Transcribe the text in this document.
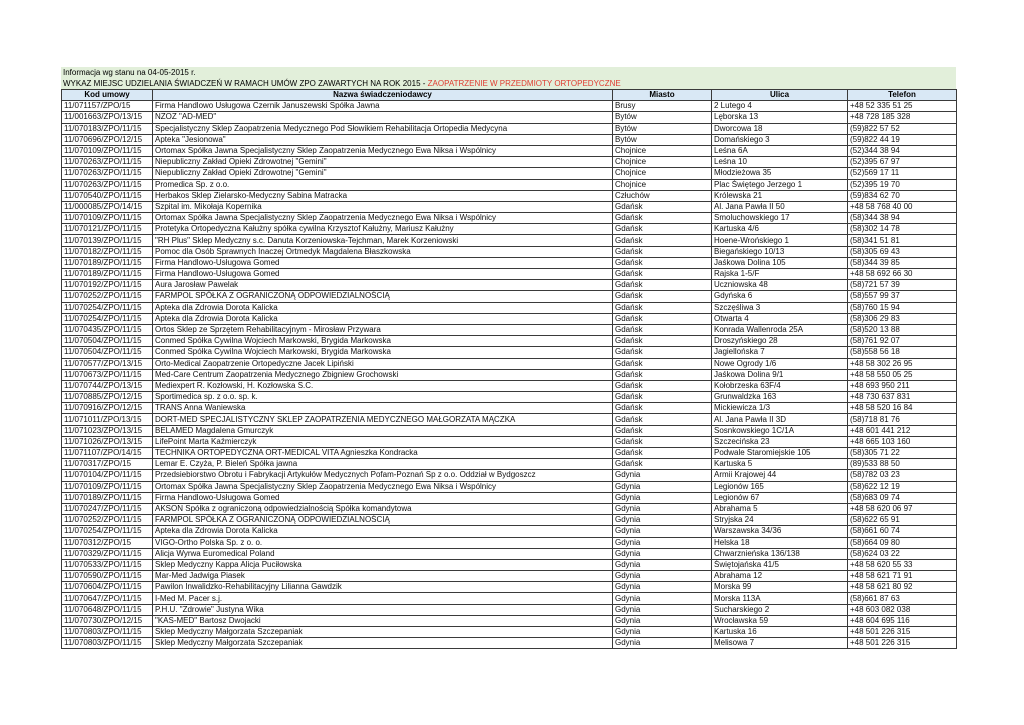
Informacja wg stanu na 04-05-2015 r.
WYKAZ MIEJSC UDZIELANIA ŚWIADCZEŃ W RAMACH UMÓW ZPO ZAWARTYCH NA ROK 2015 - ZAOPATRZENIE W PRZEDMIOTY ORTOPEDYCZNE
Kod umowy	Nazwa świadczeniodawcy	Miasto	Ulica	Telefon
11/071157/ZPO/15	Firma Handlowo Usługowa Czernik Januszewski Spółka Jawna	Brusy	2 Lutego 4	+48 52 335 51 25
11/001663/ZPO/13/15	NZOZ "AD-MED"	Bytów	Lęborska 13	+48 728 185 328
11/070183/ZPO/11/15	Specjalistyczny Sklep Zaopatrzenia Medycznego Pod Słowikiem Rehabilitacja Ortopedia Medycyna	Bytów	Dworcowa 18	(59)822 57 52
11/070696/ZPO/12/15	Apteka "Jesionowa"	Bytów	Domańskiego 3	(59)822 44 19
11/070109/ZPO/11/15	Ortomax Spółka Jawna Specjalistyczny Sklep Zaopatrzenia Medycznego Ewa Niksa i Wspólnicy	Chojnice	Leśna 6A	(52)344 38 94
11/070263/ZPO/11/15	Niepubliczny Zakład Opieki Zdrowotnej "Gemini"	Chojnice	Leśna 10	(52)395 67 97
11/070263/ZPO/11/15	Niepubliczny Zakład Opieki Zdrowotnej "Gemini"	Chojnice	Młodzieżowa 35	(52)569 17 11
11/070263/ZPO/11/15	Promedica Sp. z o.o.	Chojnice	Plac Świętego Jerzego 1	(52)395 19 70
11/070540/ZPO/11/15	Herbakos Sklep Zielarsko-Medyczny Sabina Matracka	Człuchów	Królewska 21	(59)834 62 70
11/000085/ZPO/14/15	Szpital im. Mikołaja Kopernika	Gdańsk	Al. Jana Pawła II 50	+48 58 768 40 00
11/070109/ZPO/11/15	Ortomax Spółka Jawna Specjalistyczny Sklep Zaopatrzenia Medycznego Ewa Niksa i Wspólnicy	Gdańsk	Smoluchowskiego 17	(58)344 38 94
11/070121/ZPO/11/15	Protetyka Ortopedyczna Kałużny spółka cywilna Krzysztof Kałużny, Mariusz Kałużny	Gdańsk	Kartuska 4/6	(58)302 14 78
11/070139/ZPO/11/15	"RH Plus" Sklep Medyczny s.c. Danuta Korzeniowska-Tejchman, Marek Korzeniowski	Gdańsk	Hoene-Wrońskiego 1	(58)341 51 81
11/070182/ZPO/11/15	Pomoc dla Osób Sprawnych Inaczej Ortmedyk Magdalena Błaszkowska	Gdańsk	Biegańskiego 10/13	(58)305 69 43
11/070189/ZPO/11/15	Firma Handlowo-Usługowa Gomed	Gdańsk	Jaśkowa Dolina 105	(58)344 39 85
11/070189/ZPO/11/15	Firma Handlowo-Usługowa Gomed	Gdańsk	Rajska 1-5/F	+48 58 692 66 30
11/070192/ZPO/11/15	Aura Jarosław Pawelak	Gdańsk	Uczniowska 48	(58)721 57 39
11/070252/ZPO/11/15	FARMPOL SPÓŁKA Z OGRANICZONĄ ODPOWIEDZIALNOŚCIĄ	Gdańsk	Gdyńska 6	(58)557 99 37
11/070254/ZPO/11/15	Apteka dla Zdrowia Dorota Kalicka	Gdańsk	Szczęśliwa 3	(58)760 15 94
11/070254/ZPO/11/15	Apteka dla Zdrowia Dorota Kalicka	Gdańsk	Otwarta 4	(58)306 29 83
11/070435/ZPO/11/15	Ortos Sklep ze Sprzętem Rehabilitacyjnym - Mirosław Przywara	Gdańsk	Konrada Wallenroda 25A	(58)520 13 88
11/070504/ZPO/11/15	Conmed Spółka Cywilna Wojciech Markowski, Brygida Markowska	Gdańsk	Droszyńskiego 28	(58)761 92 07
11/070504/ZPO/11/15	Conmed Spółka Cywilna Wojciech Markowski, Brygida Markowska	Gdańsk	Jagiellońska 7	(58)558 56 18
11/070577/ZPO/13/15	Orto-Medical Zaopatrzenie Ortopedyczne Jacek Lipiński	Gdańsk	Nowe Ogrody 1/6	+48 58 302 26 95
11/070673/ZPO/11/15	Med-Care Centrum Zaopatrzenia Medycznego Zbigniew Grochowski	Gdańsk	Jaśkowa Dolina 9/1	+48 58 550 05 25
11/070744/ZPO/13/15	Mediexpert R. Kozłowski, H. Kozłowska S.C.	Gdańsk	Kołobrzeska 63F/4	+48 693 950 211
11/070885/ZPO/12/15	Sportimedica sp. z o.o. sp. k.	Gdańsk	Grunwaldzka 163	+48 730 637 831
11/070916/ZPO/12/15	TRANS Anna Waniewska	Gdańsk	Mickiewicza 1/3	+48 58 520 16 84
11/071011/ZPO/13/15	DORT-MED SPECJALISTYCZNY SKLEP ZAOPATRZENIA MEDYCZNEGO MAŁGORZATA MĄCZKA	Gdańsk	Al. Jana Pawła II 3D	(58)718 81 76
11/071023/ZPO/13/15	BELAMED Magdalena Gmurczyk	Gdańsk	Sosnkowskiego 1C/1A	+48 601 441 212
11/071026/ZPO/13/15	LifePoint Marta Kaźmierczyk	Gdańsk	Szczecińska 23	+48 665 103 160
11/071107/ZPO/14/15	TECHNIKA ORTOPEDYCZNA ORT-MEDICAL VITA Agnieszka Kondracka	Gdańsk	Podwale Staromiejskie 105	(58)305 71 22
11/070317/ZPO/15	Lemar E. Czyża, P. Bieleń Spółka jawna	Gdańsk	Kartuska 5	(89)533 88 50
11/070104/ZPO/11/15	Przedsiebiorstwo Obrotu i Fabrykacji Artykułów Medycznych Pofam-Poznań Sp z o.o. Oddział w Bydgoszcz	Gdynia	Armii Krajowej 44	(58)782 03 23
11/070109/ZPO/11/15	Ortomax Spółka Jawna Specjalistyczny Sklep Zaopatrzenia Medycznego Ewa Niksa i Wspólnicy	Gdynia	Legionów 165	(58)622 12 19
11/070189/ZPO/11/15	Firma Handlowo-Usługowa Gomed	Gdynia	Legionów 67	(58)683 09 74
11/070247/ZPO/11/15	AKSON Spółka z ograniczoną odpowiedzialnością Spółka komandytowa	Gdynia	Abrahama 5	+48 58 620 06 97
11/070252/ZPO/11/15	FARMPOL SPÓŁKA Z OGRANICZONĄ ODPOWIEDZIALNOŚCIĄ	Gdynia	Stryjska 24	(58)622 65 91
11/070254/ZPO/11/15	Apteka dla Zdrowia Dorota Kalicka	Gdynia	Warszawska 34/36	(58)661 60 74
11/070312/ZPO/15	VIGO-Ortho Polska Sp. z o. o.	Gdynia	Helska 18	(58)664 09 80
11/070329/ZPO/11/15	Alicja Wyrwa Euromedical Poland	Gdynia	Chwarznieńska 136/138	(58)624 03 22
11/070533/ZPO/11/15	Sklep Medyczny Kappa Alicja Puciłowska	Gdynia	Świętojańska 41/5	+48 58 620 55 33
11/070590/ZPO/11/15	Mar-Med Jadwiga Piasek	Gdynia	Abrahama 12	+48 58 621 71 91
11/070604/ZPO/11/15	Pawilon Inwalidzko-Rehabilitacyjny Lilianna Gawdzik	Gdynia	Morska 99	+48 58 621 80 92
11/070647/ZPO/11/15	I-Med M. Pacer s.j.	Gdynia	Morska 113A	(58)661 87 63
11/070648/ZPO/11/15	P.H.U. "Zdrowie" Justyna Wika	Gdynia	Sucharskiego 2	+48 603 082 038
11/070730/ZPO/12/15	"KAS-MED" Bartosz Dwojacki	Gdynia	Wrocławska 59	+48 604 695 116
11/070803/ZPO/11/15	Sklep Medyczny Małgorzata Szczepaniak	Gdynia	Kartuska 16	+48 501 226 315
11/070803/ZPO/11/15	Sklep Medyczny Małgorzata Szczepaniak	Gdynia	Melisowa 7	+48 501 226 315
